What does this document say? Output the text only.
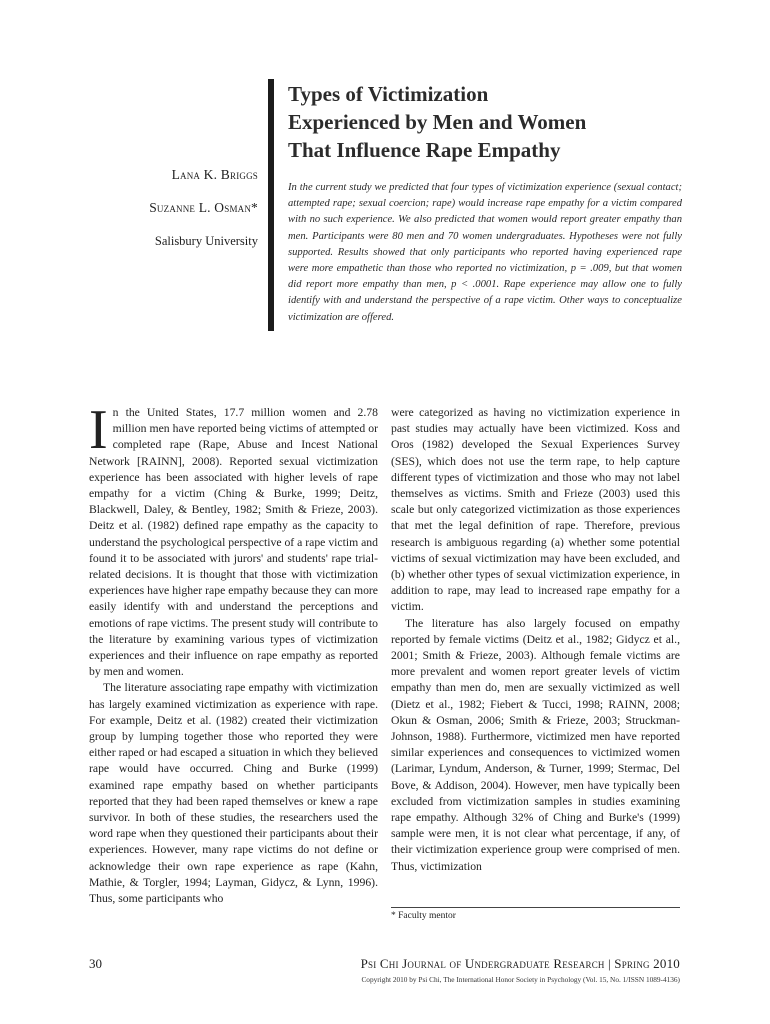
Types of Victimization
Experienced by Men and Women
That Influence Rape Empathy

Lana K. Briggs

Suzanne L. Osman*

Salisbury University

In the current study we predicted that four types of victimization experience (sexual contact; attempted rape; sexual coercion; rape) would increase rape empathy for a victim compared with no such experience. We also predicted that women would report greater empathy than men. Participants were 80 men and 70 women undergraduates. Hypotheses were not fully supported. Results showed that only participants who reported having experienced rape were more empathetic than those who reported no victimization, p = .009, but that women did report more empathy than men, p < .0001. Rape experience may allow one to fully identify with and understand the perspective of a rape victim. Other ways to conceptualize victimization are offered.

In the United States, 17.7 million women and 2.78 million men have reported being victims of attempted or completed rape (Rape, Abuse and Incest National Network [RAINN], 2008). Reported sexual victimization experience has been associated with higher levels of rape empathy for a victim (Ching & Burke, 1999; Deitz, Blackwell, Daley, & Bentley, 1982; Smith & Frieze, 2003). Deitz et al. (1982) defined rape empathy as the capacity to understand the psychological perspective of a rape victim and found it to be associated with jurors' and students' rape trial-related decisions. It is thought that those with victimization experiences have higher rape empathy because they can more easily identify with and understand the perceptions and emotions of rape victims. The present study will contribute to the literature by examining various types of victimization experiences and their influence on rape empathy as reported by men and women.

The literature associating rape empathy with victimization has largely examined victimization as experience with rape. For example, Deitz et al. (1982) created their victimization group by lumping together those who reported they were either raped or had escaped a situation in which they believed rape would have occurred. Ching and Burke (1999) examined rape empathy based on whether participants reported that they had been raped themselves or knew a rape survivor. In both of these studies, the researchers used the word rape when they questioned their participants about their experiences. However, many rape victims do not define or acknowledge their own rape experience as rape (Kahn, Mathie, & Torgler, 1994; Layman, Gidycz, & Lynn, 1996). Thus, some participants who

were categorized as having no victimization experience in past studies may actually have been victimized. Koss and Oros (1982) developed the Sexual Experiences Survey (SES), which does not use the term rape, to help capture different types of victimization and those who may not label themselves as victims. Smith and Frieze (2003) used this scale but only categorized victimization as those experiences that met the legal definition of rape. Therefore, previous research is ambiguous regarding (a) whether some potential victims of sexual victimization may have been excluded, and (b) whether other types of sexual victimization experience, in addition to rape, may lead to increased rape empathy for a victim.

The literature has also largely focused on empathy reported by female victims (Deitz et al., 1982; Gidycz et al., 2001; Smith & Frieze, 2003). Although female victims are more prevalent and women report greater levels of victim empathy than men do, men are sexually victimized as well (Dietz et al., 1982; Fiebert & Tucci, 1998; RAINN, 2008; Okun & Osman, 2006; Smith & Frieze, 2003; Struckman-Johnson, 1988). Furthermore, victimized men have reported similar experiences and consequences to victimized women (Larimar, Lyndum, Anderson, & Turner, 1999; Stermac, Del Bove, & Addison, 2004). However, men have typically been excluded from victimization samples in studies examining rape empathy. Although 32% of Ching and Burke's (1999) sample were men, it is not clear what percentage, if any, of their victimization experience group were comprised of men. Thus, victimization

* Faculty mentor

30	Psi Chi Journal of Undergraduate Research | Spring 2010

Copyright 2010 by Psi Chi, The International Honor Society in Psychology (Vol. 15, No. 1/ISSN 1089-4136)
